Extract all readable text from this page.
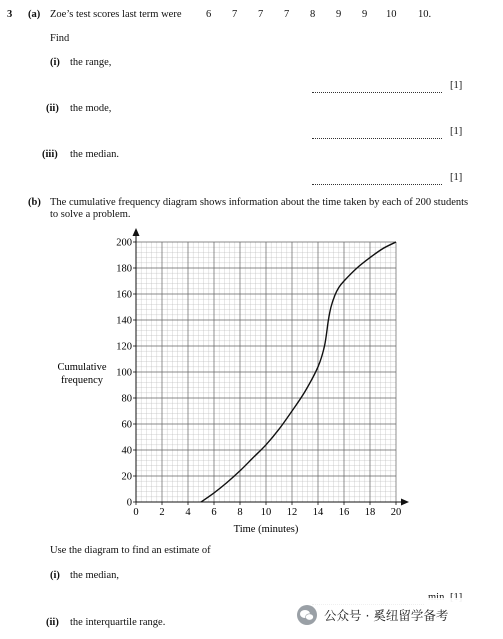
3 (a) Zoe’s test scores last term were 6 7 7 7 8 9 9 10 10.
Find
(i) the range,
[1]
(ii) the mode,
[1]
(iii) the median.
[1]
(b) The cumulative frequency diagram shows information about the time taken by each of 200 students
to solve a problem.
0 2 4 6 8 10 12 14 16 18 20
0
20
40
60
80
100
120
140
160
180
200
Cumulative
frequency
Time (minutes)
Use the diagram to find an estimate of
(i) the median,
(ii) the interquartile range.	公众号 · 奚纽留学备考
